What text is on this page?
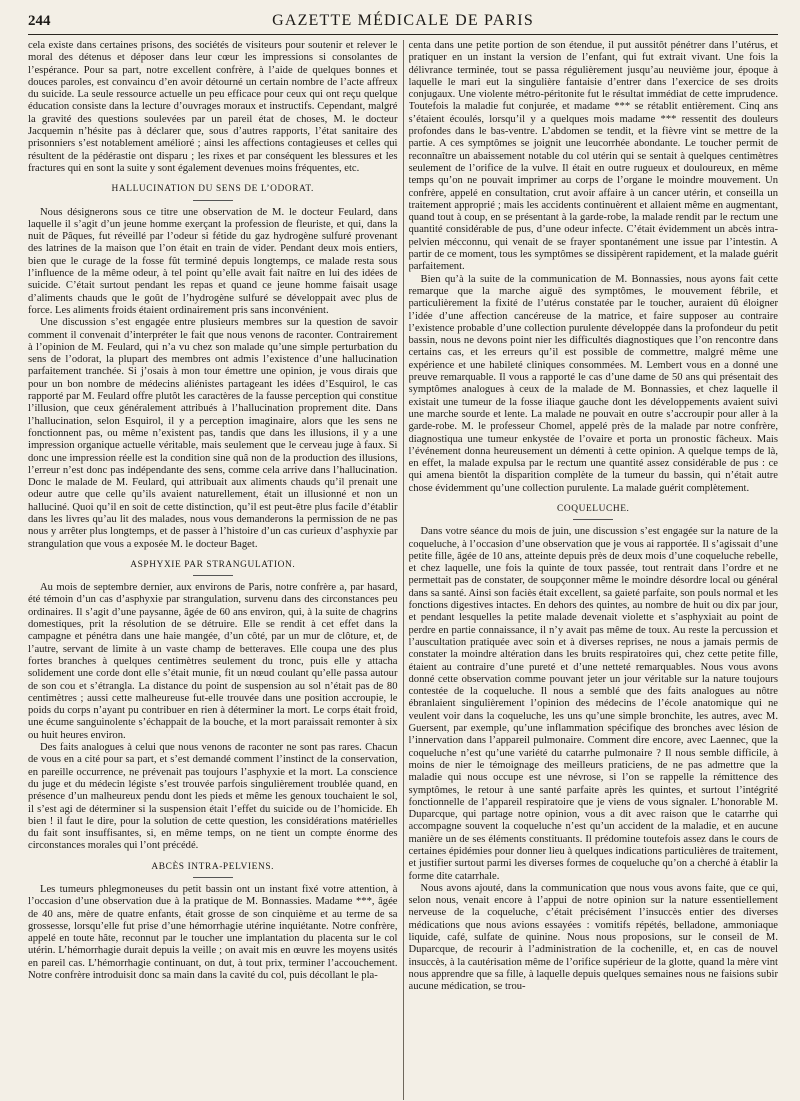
244	GAZETTE MÉDICALE DE PARIS

cela existe dans certaines prisons, des sociétés de visiteurs pour soutenir et relever le moral des détenus et déposer dans leur cœur les impressions si consolantes de l’espérance. Pour sa part, notre excellent confrère, à l’aide de quelques bonnes et douces paroles, est convaincu d’en avoir détourné un certain nombre de l’acte affreux du suicide. La seule ressource actuelle un peu efficace pour ceux qui ont reçu quelque éducation consiste dans la lecture d’ouvrages moraux et instructifs. Cependant, malgré la gravité des questions soulevées par un pareil état de choses, M. le docteur Jacquemin n’hésite pas à déclarer que, sous d’autres rapports, l’état sanitaire des prisonniers s’est notablement amélioré ; ainsi les affections contagieuses et celles qui résultent de la pédérastie ont disparu ; les rixes et par conséquent les blessures et les fractures qui en sont la suite y sont également devenues moins fréquentes, etc.

HALLUCINATION DU SENS DE L’ODORAT.

Nous désignerons sous ce titre une observation de M. le docteur Feulard, dans laquelle il s’agit d’un jeune homme exerçant la profession de fleuriste, et qui, dans la nuit de Pâques, fut réveillé par l’odeur si fétide du gaz hydrogène sulfuré provenant des latrines de la maison que l’on était en train de vider. Pendant deux mois entiers, bien que le curage de la fosse fût terminé depuis longtemps, ce malade resta sous l’influence de la même odeur, à tel point qu’elle avait fait naître en lui des idées de suicide. C’était surtout pendant les repas et quand ce jeune homme faisait usage d’aliments chauds que le goût de l’hydrogène sulfuré se développait avec plus de force. Les aliments froids étaient ordinairement pris sans inconvénient.

Une discussion s’est engagée entre plusieurs membres sur la question de savoir comment il convenait d’interpréter le fait que nous venons de raconter. Contrairement à l’opinion de M. Feulard, qui n’a vu chez son malade qu’une simple perturbation du sens de l’odorat, la plupart des membres ont admis l’existence d’une hallucination parfaitement tranchée. Si j’osais à mon tour émettre une opinion, je vous dirais que pour un bon nombre de médecins aliénistes partageant les idées d’Esquirol, le cas rapporté par M. Feulard offre plutôt les caractères de la fausse perception qui constitue l’illusion, que ceux généralement attribués à l’hallucination proprement dite. Dans l’hallucination, selon Esquirol, il y a perception imaginaire, alors que les sens ne fonctionnent pas, ou même n’existent pas, tandis que dans les illusions, il y a une impression organique actuelle véritable, mais seulement que le cerveau juge à faux. Si donc une impression réelle est la condition sine quâ non de la production des illusions, l’erreur n’est donc pas indépendante des sens, comme cela arrive dans l’hallucination. Donc le malade de M. Feulard, qui attribuait aux aliments chauds qu’il prenait une odeur autre que celle qu’ils avaient naturellement, était un illusionné et non un halluciné. Quoi qu’il en soit de cette distinction, qu’il est peut-être plus facile d’établir dans les livres qu’au lit des malades, nous vous demanderons la permission de ne pas nous y arrêter plus longtemps, et de passer à l’histoire d’un cas curieux d’asphyxie par strangulation que vous a exposée M. le docteur Baget.

ASPHYXIE PAR STRANGULATION.

Au mois de septembre dernier, aux environs de Paris, notre confrère a, par hasard, été témoin d’un cas d’asphyxie par strangulation, survenu dans des circonstances peu ordinaires. Il s’agit d’une paysanne, âgée de 60 ans environ, qui, à la suite de chagrins domestiques, prit la résolution de se détruire. Elle se rendit à cet effet dans la campagne et pénétra dans une haie mangée, d’un côté, par un mur de clôture, et, de l’autre, servant de limite à un vaste champ de betteraves. Elle coupa une des plus fortes branches à quelques centimètres seulement du tronc, puis elle y attacha solidement une corde dont elle s’était munie, fit un nœud coulant qu’elle passa autour de son cou et s’étrangla. La distance du point de suspension au sol n’était pas de 80 centimètres ; aussi cette malheureuse fut-elle trouvée dans une position accroupie, le poids du corps n’ayant pu contribuer en rien à déterminer la mort. Le corps était froid, une écume sanguinolente s’échappait de la bouche, et la mort paraissait remonter à six ou huit heures environ.

Des faits analogues à celui que nous venons de raconter ne sont pas rares. Chacun de vous en a cité pour sa part, et s’est demandé comment l’instinct de la conservation, en pareille occurrence, ne prévenait pas toujours l’asphyxie et la mort. La conscience du juge et du médecin légiste s’est trouvée parfois singulièrement troublée quand, en présence d’un malheureux pendu dont les pieds et même les genoux touchaient le sol, il s’est agi de déterminer si la suspension était l’effet du suicide ou de l’homicide. Eh bien ! il faut le dire, pour la solution de cette question, les considérations matérielles du fait sont insuffisantes, si, en même temps, on ne tient un compte énorme des circonstances morales qui l’ont précédé.

ABCÈS INTRA-PELVIENS.

Les tumeurs phlegmoneuses du petit bassin ont un instant fixé votre attention, à l’occasion d’une observation due à la pratique de M. Bonnassies. Madame ***, âgée de 40 ans, mère de quatre enfants, était grosse de son cinquième et au terme de sa grossesse, lorsqu’elle fut prise d’une hémorrhagie utérine inquiétante. Notre confrère, appelé en toute hâte, reconnut par le toucher une implantation du placenta sur le col utérin. L’hémorrhagie durait depuis la veille ; on avait mis en œuvre les moyens usités en pareil cas. L’hémorrhagie continuant, on dut, à tout prix, terminer l’accouchement. Notre confrère introduisit donc sa main dans la cavité du col, puis décollant le pla-

centa dans une petite portion de son étendue, il put aussitôt pénétrer dans l’utérus, et pratiquer en un instant la version de l’enfant, qui fut extrait vivant. Une fois la délivrance terminée, tout se passa régulièrement jusqu’au neuvième jour, époque à laquelle le mari eut la singulière fantaisie d’entrer dans l’exercice de ses droits conjugaux. Une violente métro-péritonite fut le résultat immédiat de cette imprudence. Toutefois la maladie fut conjurée, et madame *** se rétablit entièrement. Cinq ans s’étaient écoulés, lorsqu’il y a quelques mois madame *** ressentit des douleurs profondes dans le bas-ventre. L’abdomen se tendit, et la fièvre vint se mettre de la partie. A ces symptômes se joignit une leucorrhée abondante. Le toucher permit de reconnaître un abaissement notable du col utérin qui se sentait à quelques centimètres seulement de l’orifice de la vulve. Il était en outre rugueux et douloureux, en même temps qu’on ne pouvait imprimer au corps de l’organe le moindre mouvement. Un confrère, appelé en consultation, crut avoir affaire à un cancer utérin, et conseilla un traitement approprié ; mais les accidents continuèrent et allaient même en augmentant, quand tout à coup, en se présentant à la garde-robe, la malade rendit par le rectum une quantité considérable de pus, d’une odeur infecte. C’était évidemment un abcès intra-pelvien mécconnu, qui venait de se frayer spontanément une issue par l’intestin. A partir de ce moment, tous les symptômes se dissipèrent rapidement, et la malade guérit parfaitement.

Bien qu’à la suite de la communication de M. Bonnassies, nous ayons fait cette remarque que la marche aiguë des symptômes, le mouvement fébrile, et particulièrement la fixité de l’utérus constatée par le toucher, auraient dû éloigner l’idée d’une affection cancéreuse de la matrice, et faire supposer au contraire l’existence probable d’une collection purulente développée dans la profondeur du petit bassin, nous ne devons point nier les difficultés diagnostiques que l’on rencontre dans certains cas, et les erreurs qu’il est possible de commettre, malgré même une expérience et une habileté cliniques consommées. M. Lembert vous en a donné une preuve remarquable. Il vous a rapporté le cas d’une dame de 50 ans qui présentait des symptômes analogues à ceux de la malade de M. Bonnassies, et chez laquelle il existait une tumeur de la fosse iliaque gauche dont les développements avaient suivi une marche sourde et lente. La malade ne pouvait en outre s’accroupir pour aller à la garde-robe. M. le professeur Chomel, appelé près de la malade par notre confrère, diagnostiqua une tumeur enkystée de l’ovaire et porta un pronostic fâcheux. Mais l’événement donna heureusement un démenti à cette opinion. A quelque temps de là, en effet, la malade expulsa par le rectum une quantité assez considérable de pus : ce qui amena bientôt la disparition complète de la tumeur du bassin, qui n’était autre chose évidemment qu’une collection purulente. La malade guérit complètement.

COQUELUCHE.

Dans votre séance du mois de juin, une discussion s’est engagée sur la nature de la coqueluche, à l’occasion d’une observation que je vous ai rapportée. Il s’agissait d’une petite fille, âgée de 10 ans, atteinte depuis près de deux mois d’une coqueluche rebelle, et chez laquelle, une fois la quinte de toux passée, tout rentrait dans l’ordre et ne permettait pas de constater, de soupçonner même le moindre désordre local ou général dans sa santé. Ainsi son faciès était excellent, sa gaieté parfaite, son pouls normal et les fonctions digestives intactes. En dehors des quintes, au nombre de huit ou dix par jour, et pendant lesquelles la petite malade devenait violette et s’asphyxiait au point de perdre en partie connaissance, il n’y avait pas même de toux. Au reste la percussion et l’auscultation pratiquée avec soin et à diverses reprises, ne nous a jamais permis de constater la moindre altération dans les bruits respiratoires qui, chez cette petite fille, étaient au contraire d’une pureté et d’une netteté remarquables. Nous vous avons donné cette observation comme pouvant jeter un jour véritable sur la nature toujours contestée de la coqueluche. Il nous a semblé que des faits analogues au nôtre ébranlaient singulièrement l’opinion des médecins de l’école anatomique qui ne veulent voir dans la coqueluche, les uns qu’une simple bronchite, les autres, avec M. Guersent, par exemple, qu’une inflammation spécifique des bronches avec lésion de l’innervation dans l’appareil pulmonaire. Comment dire encore, avec Laennec, que la coqueluche n’est qu’une variété du catarrhe pulmonaire ? Il nous semble difficile, à moins de nier le témoignage des meilleurs praticiens, de ne pas admettre que la maladie qui nous occupe est une névrose, si l’on se rappelle la rémittence des symptômes, le retour à une santé parfaite après les quintes, et surtout l’intégrité fonctionnelle de l’appareil respiratoire que je viens de vous signaler. L’honorable M. Duparcque, qui partage notre opinion, vous a dit avec raison que le catarrhe qui accompagne souvent la coqueluche n’est qu’un accident de la maladie, et en aucune manière un de ses éléments constituants. Il prédomine toutefois assez dans le cours de certaines épidémies pour donner lieu à quelques indications particulières de traitement, et justifier surtout parmi les diverses formes de coqueluche qu’on a cherché à établir la forme dite catarrhale.

Nous avons ajouté, dans la communication que nous vous avons faite, que ce qui, selon nous, venait encore à l’appui de notre opinion sur la nature essentiellement nerveuse de la coqueluche, c’était précisément l’insuccès entier des diverses médications que nous avions essayées : vomitifs répétés, belladone, ammoniaque liquide, café, sulfate de quinine. Nous nous proposions, sur le conseil de M. Duparcque, de recourir à l’administration de la cochenille, et, en cas de nouvel insuccès, à la cautérisation même de l’orifice supérieur de la glotte, quand la mère vint nous apprendre que sa fille, à laquelle depuis quelques semaines nous ne faisions subir aucune médication, se trou-
